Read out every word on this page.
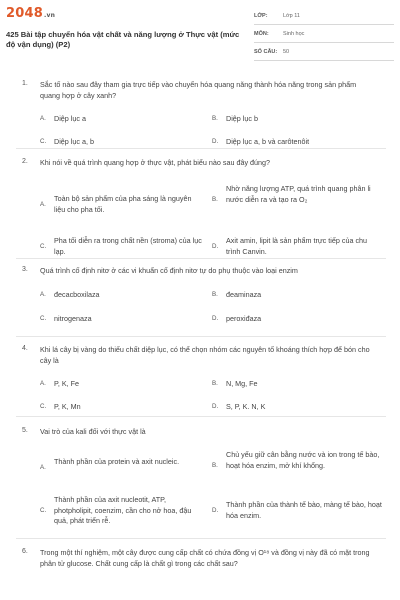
2048.vn
425 Bài tập chuyển hóa vật chất và năng lượng ở Thực vật (mức độ vận dụng) (P2)
LỚP:	Lớp 11
MÔN:	Sinh học
SỐ CÂU: 50
1. Sắc tố nào sau đây tham gia trực tiếp vào chuyển hóa quang năng thành hóa năng trong sản phẩm quang hợp ở cây xanh?
A. Diệp lục a	B. Diệp lục b
C. Diệp lục a, b	D. Diệp lục a, b và carôtenôit
2. Khi nói về quá trình quang hợp ở thực vật, phát biểu nào sau đây đúng?
A.
Toàn bộ sản phẩm của pha sáng là nguyên liệu cho pha tối.
B.
Nhờ năng lượng ATP, quá trình quang phân li nước diễn ra và tạo ra O₂
C.
Pha tối diễn ra trong chất nền (stroma) của lục lạp.	D.
Axit amin, lipit là sản phẩm trực tiếp của chu trình Canvin.
3. Quá trình cố định nitơ ở các vi khuẩn cố định nitơ tự do phụ thuộc vào loại enzim
A. đecacboxilaza	B. đeaminaza
C. nitrogenaza	D. peroxiđaza
4. Khi lá cây bị vàng do thiếu chất diệp lục, có thể chọn nhóm các nguyên tố khoáng thích hợp để bón cho cây là
A. P, K, Fe	B. N, Mg, Fe
C. P, K, Mn	D. S, P, K. N, K
5. Vai trò của kali đối với thực vật là
A.
Thành phần của protein và axit nucleic.	B.
Chủ yếu giữ cân bằng nước và ion trong tế bào, hoạt hóa enzim, mở khí khổng.
C.
Thành phần của axit nucleotit, ATP, photpholipit, coenzim, cần cho nở hoa, đậu quả, phát triển rễ.
D.
Thành phần của thành tế bào, màng tế bào, hoạt hóa enzim.
6. Trong một thí nghiệm, một cây được cung cấp chất có chứa đồng vị O¹⁸ và đồng vị này đã có mặt trong phân tử glucose. Chất cung cấp là chất gì trong các chất sau?
